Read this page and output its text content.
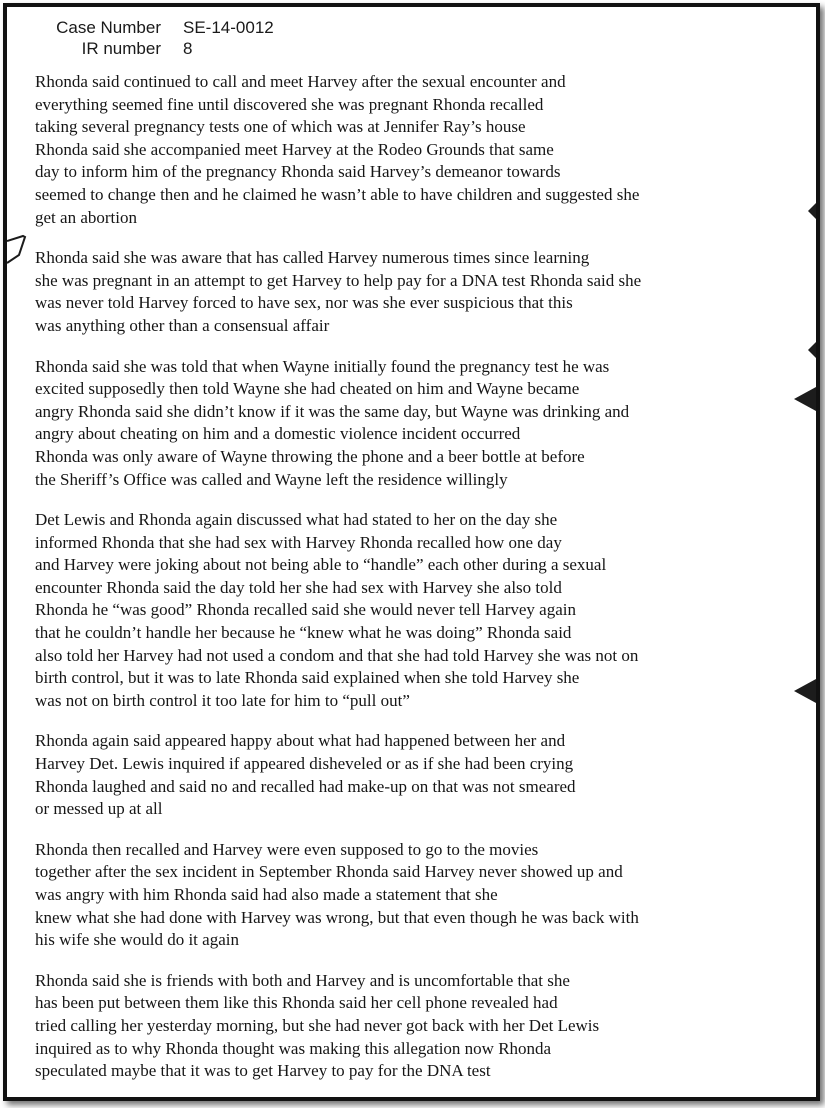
Case Number	SE-14-0012
IR number	8
Rhonda said continued to call and meet Harvey after the sexual encounter and
everything seemed fine until discovered she was pregnant Rhonda recalled
taking several pregnancy tests one of which was at Jennifer Ray’s house
Rhonda said she accompanied meet Harvey at the Rodeo Grounds that same
day to inform him of the pregnancy Rhonda said Harvey’s demeanor towards
seemed to change then and he claimed he wasn’t able to have children and suggested she
get an abortion
Rhonda said she was aware that has called Harvey numerous times since learning
she was pregnant in an attempt to get Harvey to help pay for a DNA test Rhonda said she
was never told Harvey forced to have sex, nor was she ever suspicious that this
was anything other than a consensual affair
Rhonda said she was told that when Wayne initially found the pregnancy test he was
excited supposedly then told Wayne she had cheated on him and Wayne became
angry Rhonda said she didn’t know if it was the same day, but Wayne was drinking and
angry about cheating on him and a domestic violence incident occurred
Rhonda was only aware of Wayne throwing the phone and a beer bottle at before
the Sheriff’s Office was called and Wayne left the residence willingly
Det Lewis and Rhonda again discussed what had stated to her on the day she
informed Rhonda that she had sex with Harvey Rhonda recalled how one day
and Harvey were joking about not being able to “handle” each other during a sexual
encounter Rhonda said the day told her she had sex with Harvey she also told
Rhonda he “was good” Rhonda recalled said she would never tell Harvey again
that he couldn’t handle her because he “knew what he was doing” Rhonda said
also told her Harvey had not used a condom and that she had told Harvey she was not on
birth control, but it was to late Rhonda said explained when she told Harvey she
was not on birth control it too late for him to “pull out”
Rhonda again said appeared happy about what had happened between her and
Harvey Det. Lewis inquired if appeared disheveled or as if she had been crying
Rhonda laughed and said no and recalled had make-up on that was not smeared
or messed up at all
Rhonda then recalled and Harvey were even supposed to go to the movies
together after the sex incident in September Rhonda said Harvey never showed up and
was angry with him Rhonda said had also made a statement that she
knew what she had done with Harvey was wrong, but that even though he was back with
his wife she would do it again
Rhonda said she is friends with both and Harvey and is uncomfortable that she
has been put between them like this Rhonda said her cell phone revealed had
tried calling her yesterday morning, but she had never got back with her Det Lewis
inquired as to why Rhonda thought was making this allegation now Rhonda
speculated maybe that it was to get Harvey to pay for the DNA test
